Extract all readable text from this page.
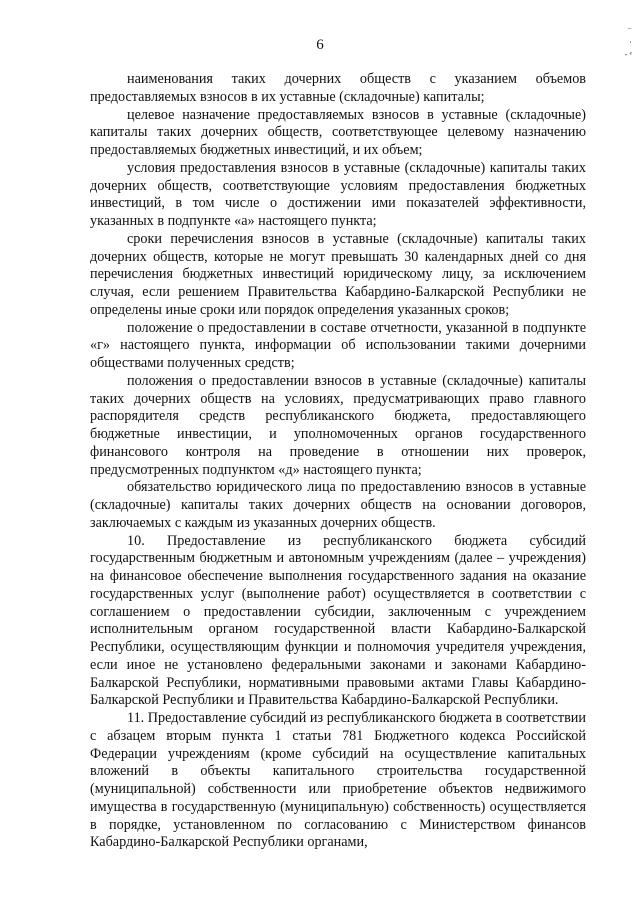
6
⁻
·
- ᵉ

наименования таких дочерних обществ с указанием объемов предоставляемых взносов в их уставные (складочные) капиталы;

целевое назначение предоставляемых взносов в уставные (складочные) капиталы таких дочерних обществ, соответствующее целевому назначению предоставляемых бюджетных инвестиций, и их объем;

условия предоставления взносов в уставные (складочные) капиталы таких дочерних обществ, соответствующие условиям предоставления бюджетных инвестиций, в том числе о достижении ими показателей эффективности, указанных в подпункте «а» настоящего пункта;

сроки перечисления взносов в уставные (складочные) капиталы таких дочерних обществ, которые не могут превышать 30 календарных дней со дня перечисления бюджетных инвестиций юридическому лицу, за исключением случая, если решением Правительства Кабардино-Балкарской Республики не определены иные сроки или порядок определения указанных сроков;

положение о предоставлении в составе отчетности, указанной в подпункте «г» настоящего пункта, информации об использовании такими дочерними обществами полученных средств;

положения о предоставлении взносов в уставные (складочные) капиталы таких дочерних обществ на условиях, предусматривающих право главного распорядителя средств республиканского бюджета, предоставляющего бюджетные инвестиции, и уполномоченных органов государственного финансового контроля на проведение в отношении них проверок, предусмотренных подпунктом «д» настоящего пункта;

обязательство юридического лица по предоставлению взносов в уставные (складочные) капиталы таких дочерних обществ на основании договоров, заключаемых с каждым из указанных дочерних обществ.

10. Предоставление из республиканского бюджета субсидий государственным бюджетным и автономным учреждениям (далее – учреждения) на финансовое обеспечение выполнения государственного задания на оказание государственных услуг (выполнение работ) осуществляется в соответствии с соглашением о предоставлении субсидии, заключенным с учреждением исполнительным органом государственной власти Кабардино-Балкарской Республики, осуществляющим функции и полномочия учредителя учреждения, если иное не установлено федеральными законами и законами Кабардино-Балкарской Республики, нормативными правовыми актами Главы Кабардино-Балкарской Республики и Правительства Кабардино-Балкарской Республики.

11. Предоставление субсидий из республиканского бюджета в соответствии с абзацем вторым пункта 1 статьи 781 Бюджетного кодекса Российской Федерации учреждениям (кроме субсидий на осуществление капитальных вложений в объекты капитального строительства государственной (муниципальной) собственности или приобретение объектов недвижимого имущества в государственную (муниципальную) собственность) осуществляется в порядке, установленном по согласованию с Министерством финансов Кабардино-Балкарской Республики органами,
